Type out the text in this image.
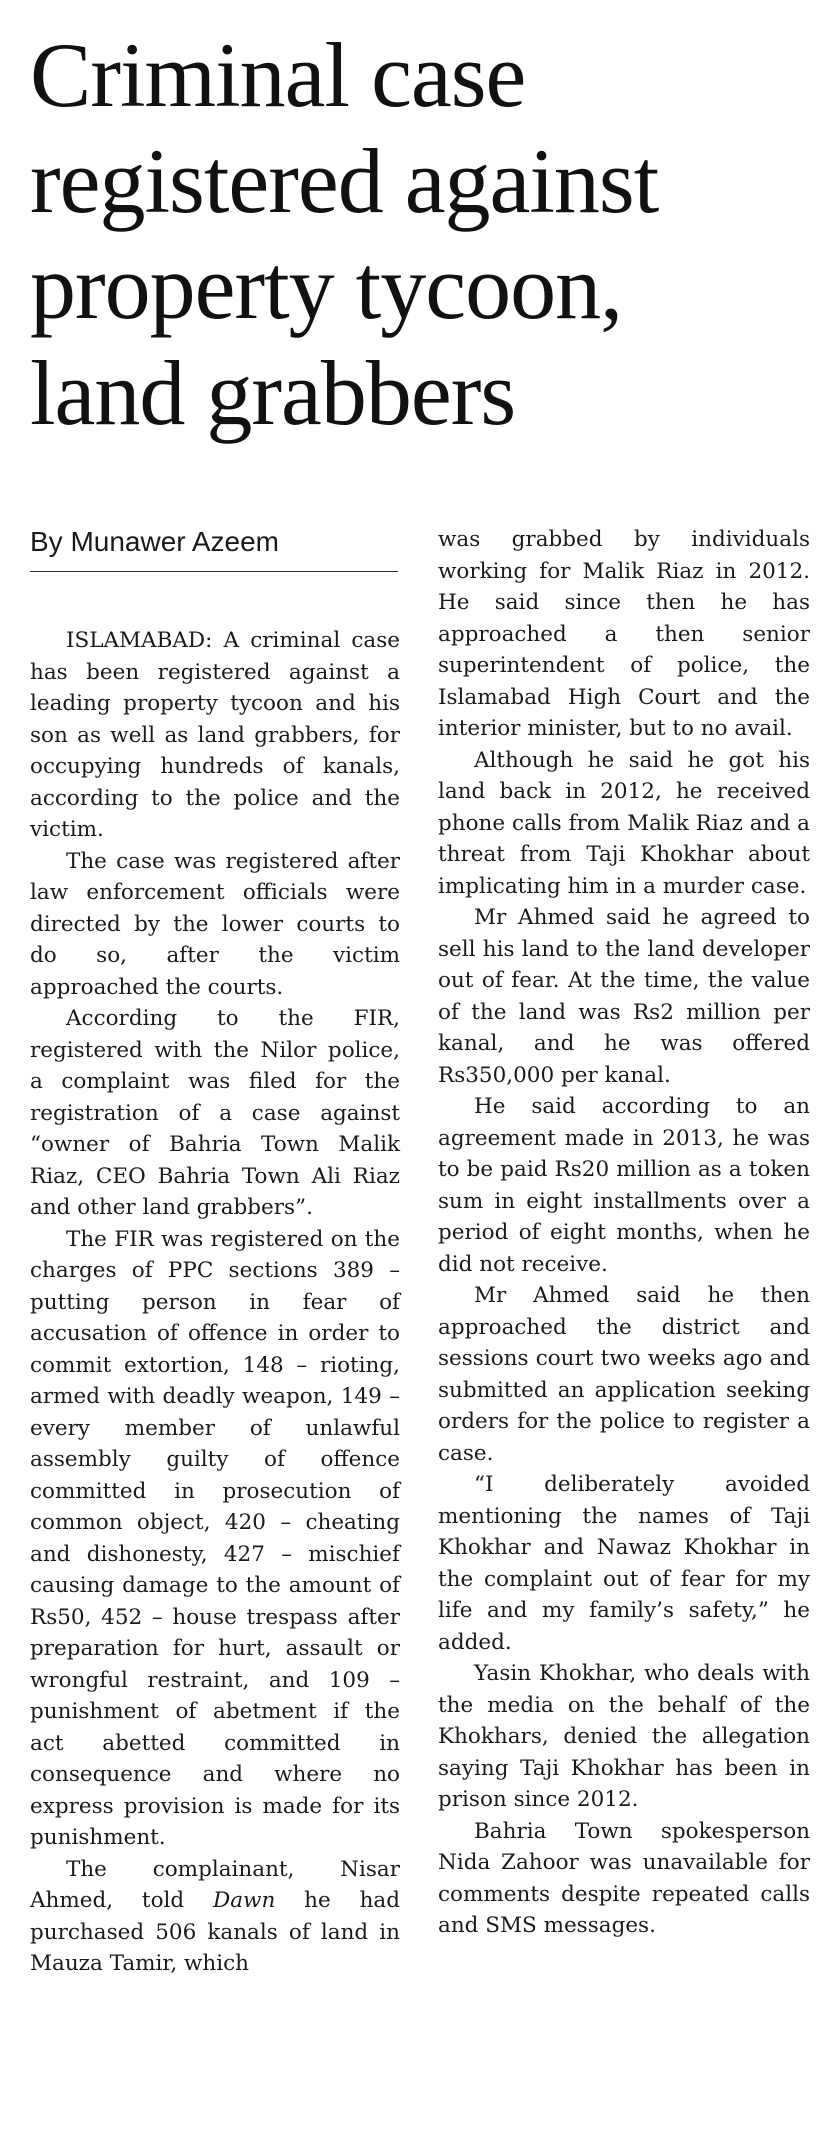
Criminal case
registered against
property tycoon,
land grabbers
By Munawer Azeem

ISLAMABAD: A criminal case has been registered against a leading property tycoon and his son as well as land grabbers, for occupying hundreds of kanals, according to the police and the victim.

The case was registered after law enforcement officials were directed by the lower courts to do so, after the victim approached the courts.

According to the FIR, registered with the Nilor police, a complaint was filed for the registration of a case against “owner of Bahria Town Malik Riaz, CEO Bahria Town Ali Riaz and other land grabbers”.

The FIR was registered on the charges of PPC sections 389 – putting person in fear of accusation of offence in order to commit extortion, 148 – rioting, armed with deadly weapon, 149 – every member of unlawful assembly guilty of offence committed in prosecution of common object, 420 – cheating and dishonesty, 427 – mischief causing damage to the amount of Rs50, 452 – house trespass after preparation for hurt, assault or wrongful restraint, and 109 – punishment of abetment if the act abetted committed in consequence and where no express provision is made for its punishment.

The complainant, Nisar Ahmed, told Dawn he had purchased 506 kanals of land in Mauza Tamir, which

was grabbed by individuals working for Malik Riaz in 2012. He said since then he has approached a then senior superintendent of police, the Islamabad High Court and the interior minister, but to no avail.

Although he said he got his land back in 2012, he received phone calls from Malik Riaz and a threat from Taji Khokhar about implicating him in a murder case.

Mr Ahmed said he agreed to sell his land to the land developer out of fear. At the time, the value of the land was Rs2 million per kanal, and he was offered Rs350,000 per kanal.

He said according to an agreement made in 2013, he was to be paid Rs20 million as a token sum in eight installments over a period of eight months, when he did not receive.

Mr Ahmed said he then approached the district and sessions court two weeks ago and submitted an application seeking orders for the police to register a case.

“I deliberately avoided mentioning the names of Taji Khokhar and Nawaz Khokhar in the complaint out of fear for my life and my family’s safety,” he added.

Yasin Khokhar, who deals with the media on the behalf of the Khokhars, denied the allegation saying Taji Khokhar has been in prison since 2012.

Bahria Town spokesperson Nida Zahoor was unavailable for comments despite repeated calls and SMS messages.
